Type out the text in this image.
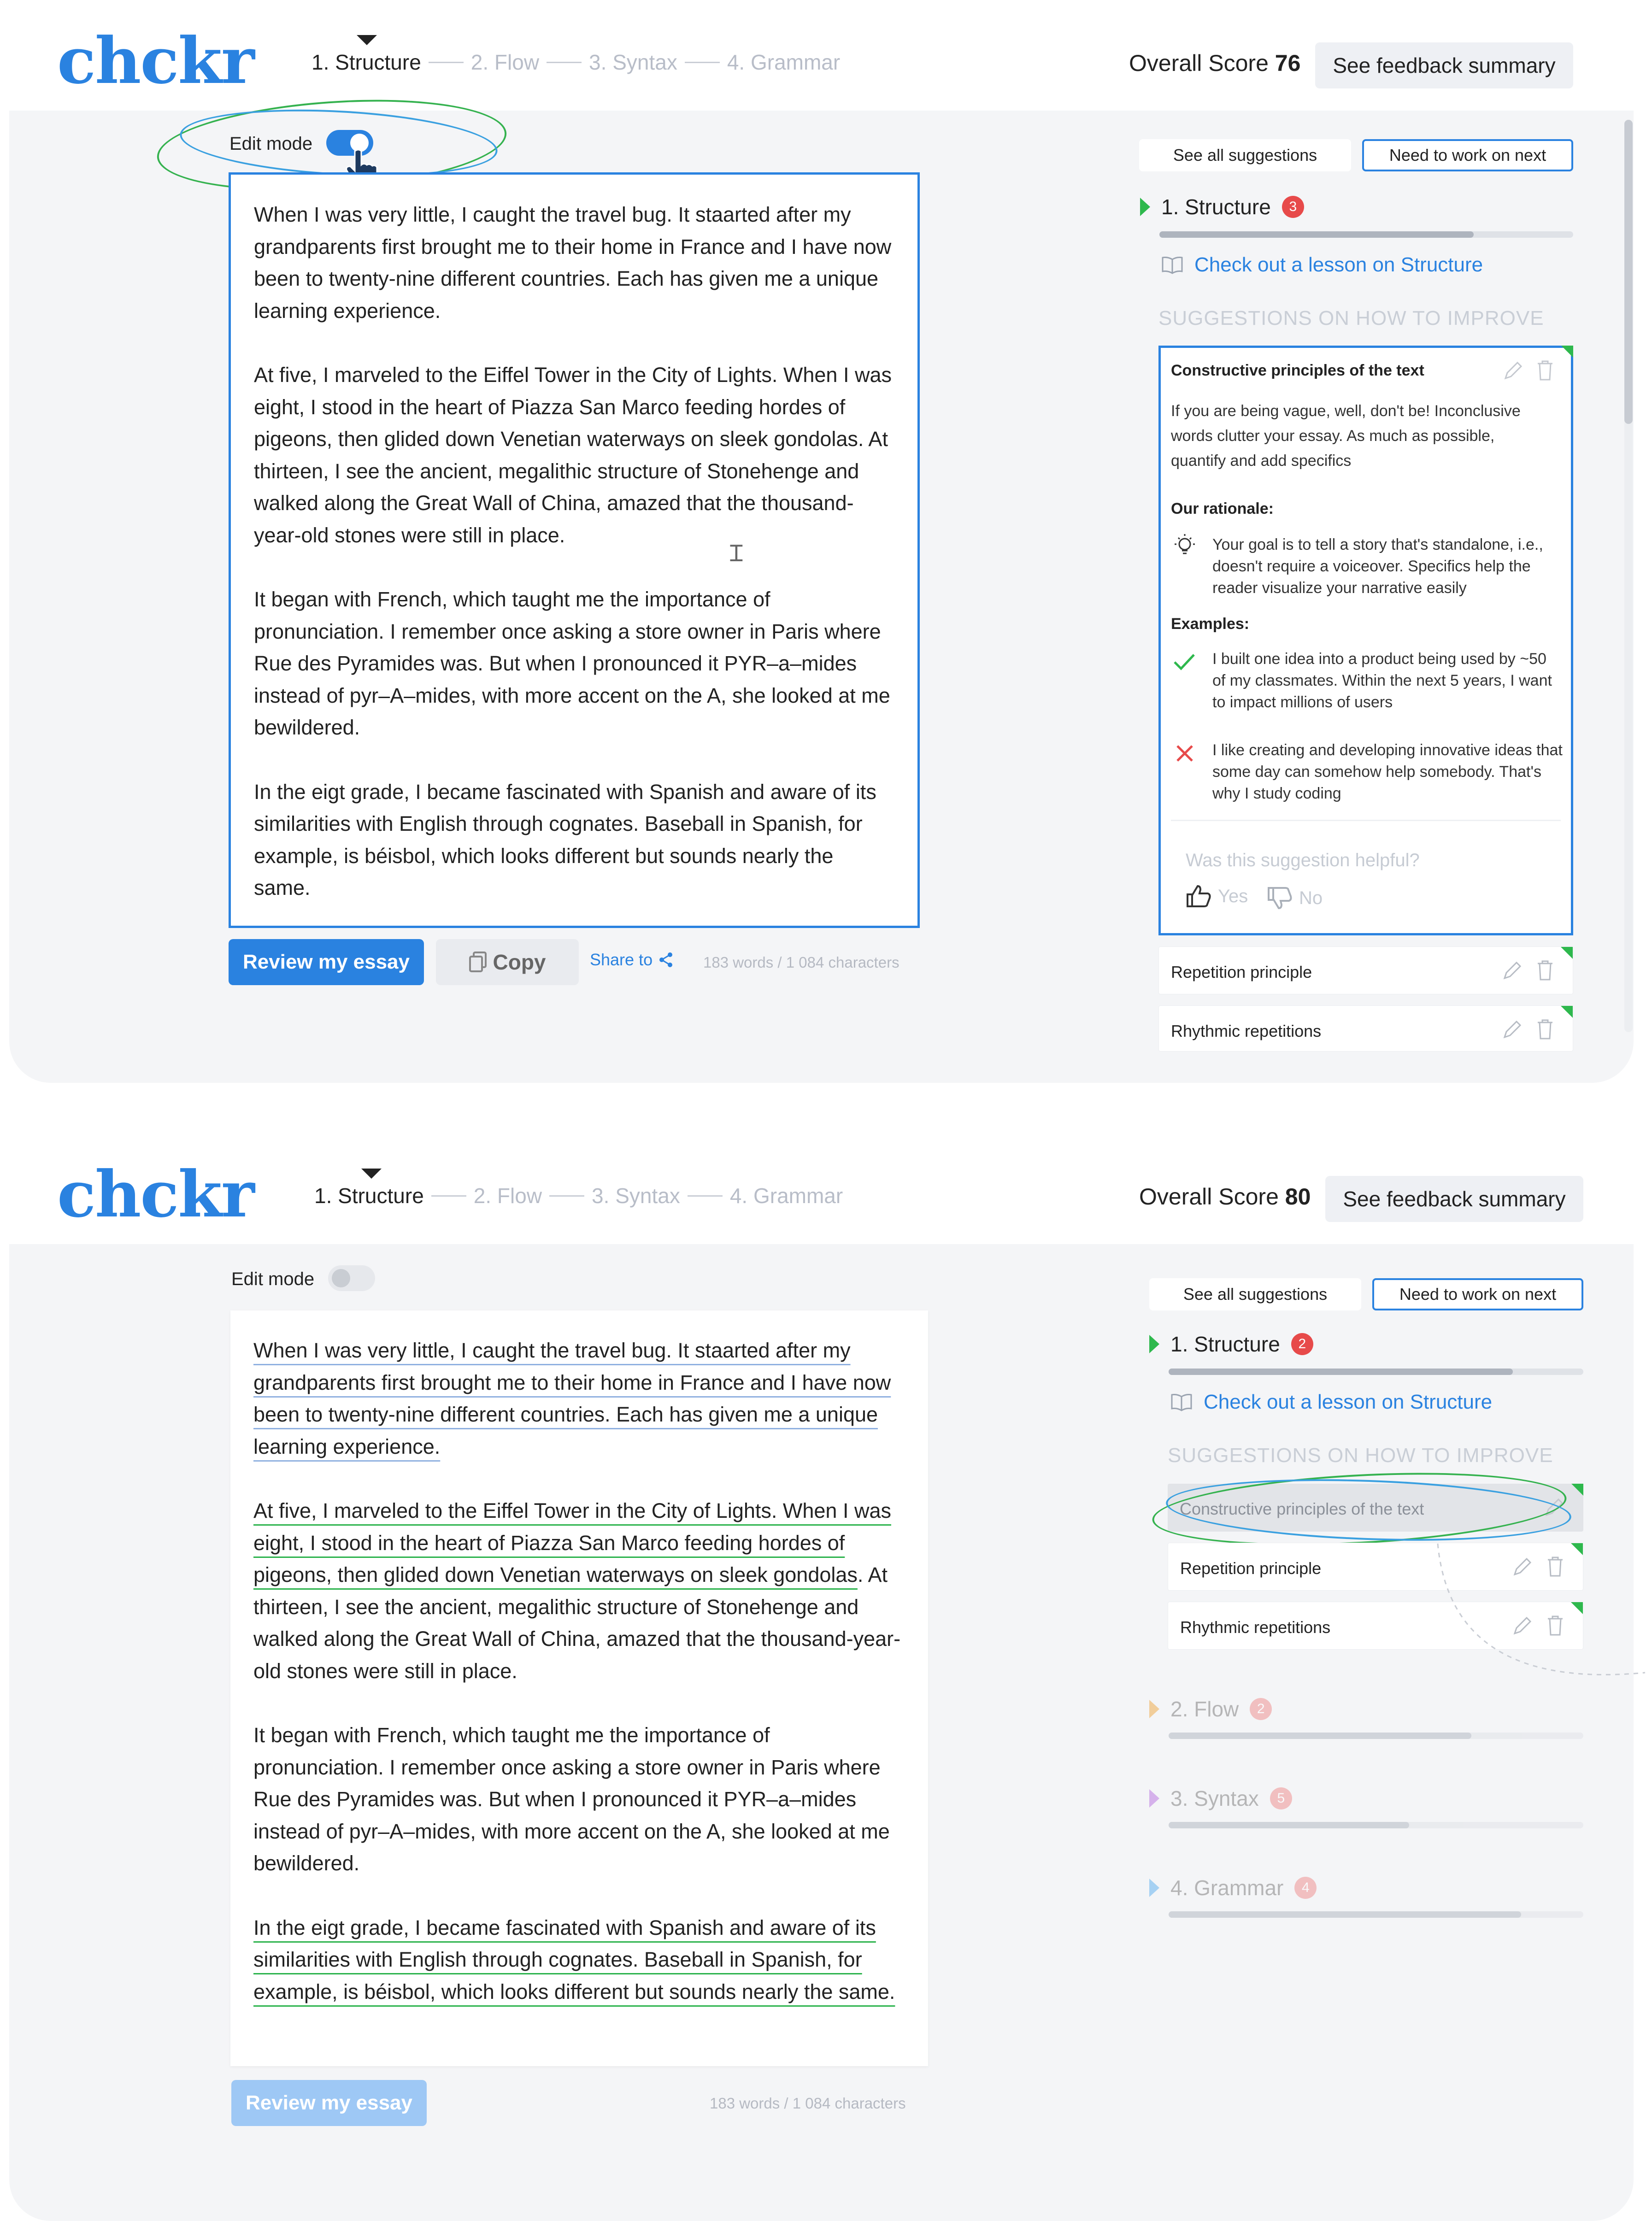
chckr	1. Structure 2. Flow 3. Syntax 4. Grammar	Overall Score 76	See feedback summary
Edit mode

When I was very little, I caught the travel bug. It staarted after my grandparents first brought me to their home in France and I have now been to twenty-nine different countries. Each has given me a unique learning experience.

At five, I marveled to the Eiffel Tower in the City of Lights. When I was eight, I stood in the heart of Piazza San Marco feeding hordes of pigeons, then glided down Venetian waterways on sleek gondolas. At thirteen, I see the ancient, megalithic structure of Stonehenge and walked along the Great Wall of China, amazed that the thousand-year-old stones were still in place.

It began with French, which taught me the importance of pronunciation. I remember once asking a store owner in Paris where Rue des Pyramides was. But when I pronounced it PYR–a–mides instead of pyr–A–mides, with more accent on the A, she looked at me bewildered.

In the eigt grade, I became fascinated with Spanish and aware of its similarities with English through cognates. Baseball in Spanish, for example, is béisbol, which looks different but sounds nearly the same.

Ɪ
Review my essay	Copy	Share to	183 words / 1 084 characters
See all suggestions	Need to work on next
1. Structure	3
Check out a lesson on Structure
SUGGESTIONS ON HOW TO IMPROVE
Constructive principles of the text
If you are being vague, well, don't be! Inconclusive words clutter your essay. As much as possible, quantify and add specifics
Our rationale:
Your goal is to tell a story that's standalone, i.e., doesn't require a voiceover. Specifics help the reader visualize your narrative easily
Examples:
I built one idea into a product being used by ~50 of my classmates. Within the next 5 years, I want to impact millions of users
I like creating and developing innovative ideas that some day can somehow help somebody. That's why I study coding
Was this suggestion helpful?
Yes	No
Repetition principle
Rhythmic repetitions
chckr	1. Structure 2. Flow 3. Syntax 4. Grammar	Overall Score 80	See feedback summary
Edit mode

When I was very little, I caught the travel bug. It staarted after my grandparents first brought me to their home in France and I have now been to twenty-nine different countries. Each has given me a unique learning experience.

At five, I marveled to the Eiffel Tower in the City of Lights. When I was eight, I stood in the heart of Piazza San Marco feeding hordes of pigeons, then glided down Venetian waterways on sleek gondolas. At thirteen, I see the ancient, megalithic structure of Stonehenge and walked along the Great Wall of China, amazed that the thousand-year-old stones were still in place.

It began with French, which taught me the importance of pronunciation. I remember once asking a store owner in Paris where Rue des Pyramides was. But when I pronounced it PYR–a–mides instead of pyr–A–mides, with more accent on the A, she looked at me bewildered.

In the eigt grade, I became fascinated with Spanish and aware of its similarities with English through cognates. Baseball in Spanish, for example, is béisbol, which looks different but sounds nearly the same.

Review my essay	183 words / 1 084 characters
See all suggestions	Need to work on next
1. Structure	2
Check out a lesson on Structure
SUGGESTIONS ON HOW TO IMPROVE
Constructive principles of the text
Repetition principle
Rhythmic repetitions
2. Flow	2
3. Syntax	5
4. Grammar	4
